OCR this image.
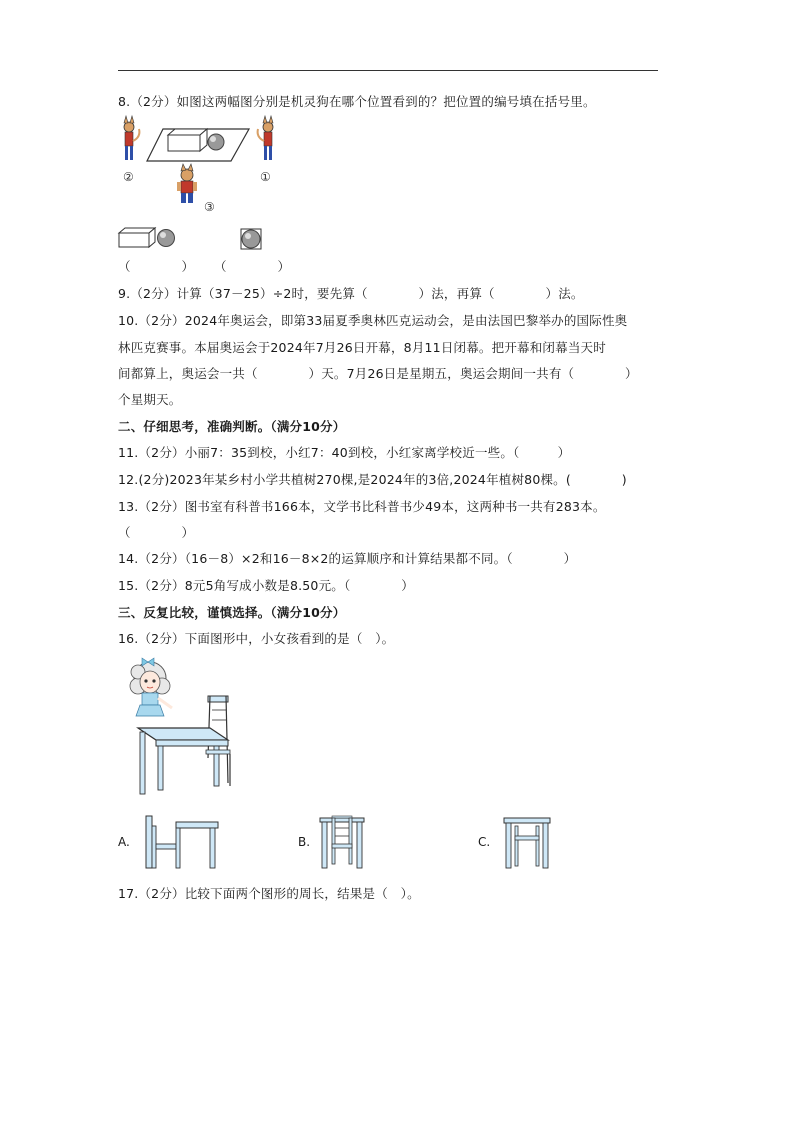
8.（2分）如图这两幅图分别是机灵狗在哪个位置看到的？把位置的编号填在括号里。
②	①
③
（　　　　） （　　　　）
9.（2分）计算（37－25）÷2时，要先算（　　　　）法，再算（　　　　）法。
10.（2分）2024年奥运会，即第33届夏季奥林匹克运动会，是由法国巴黎举办的国际性奥
林匹克赛事。本届奥运会于2024年7月26日开幕，8月11日闭幕。把开幕和闭幕当天时
间都算上，奥运会一共（　　　　）天。7月26日是星期五，奥运会期间一共有（　　　　）
个星期天。
二、仔细思考，准确判断。（满分10分）
11.（2分）小丽7：35到校，小红7：40到校，小红家离学校近一些。（　　　）
12.(2分)2023年某乡村小学共植树270棵,是2024年的3倍,2024年植树80棵。(　　　　)
13.（2分）图书室有科普书166本，文学书比科普书少49本，这两种书一共有283本。
（　　　　）
14.（2分）（16－8）×2和16－8×2的运算顺序和计算结果都不同。（　　　　）
15.（2分）8元5角写成小数是8.50元。（　　　　）
三、反复比较，谨慎选择。（满分10分）
16.（2分）下面图形中，小女孩看到的是（　）。
A.	B.	C.
17.（2分）比较下面两个图形的周长，结果是（　）。
